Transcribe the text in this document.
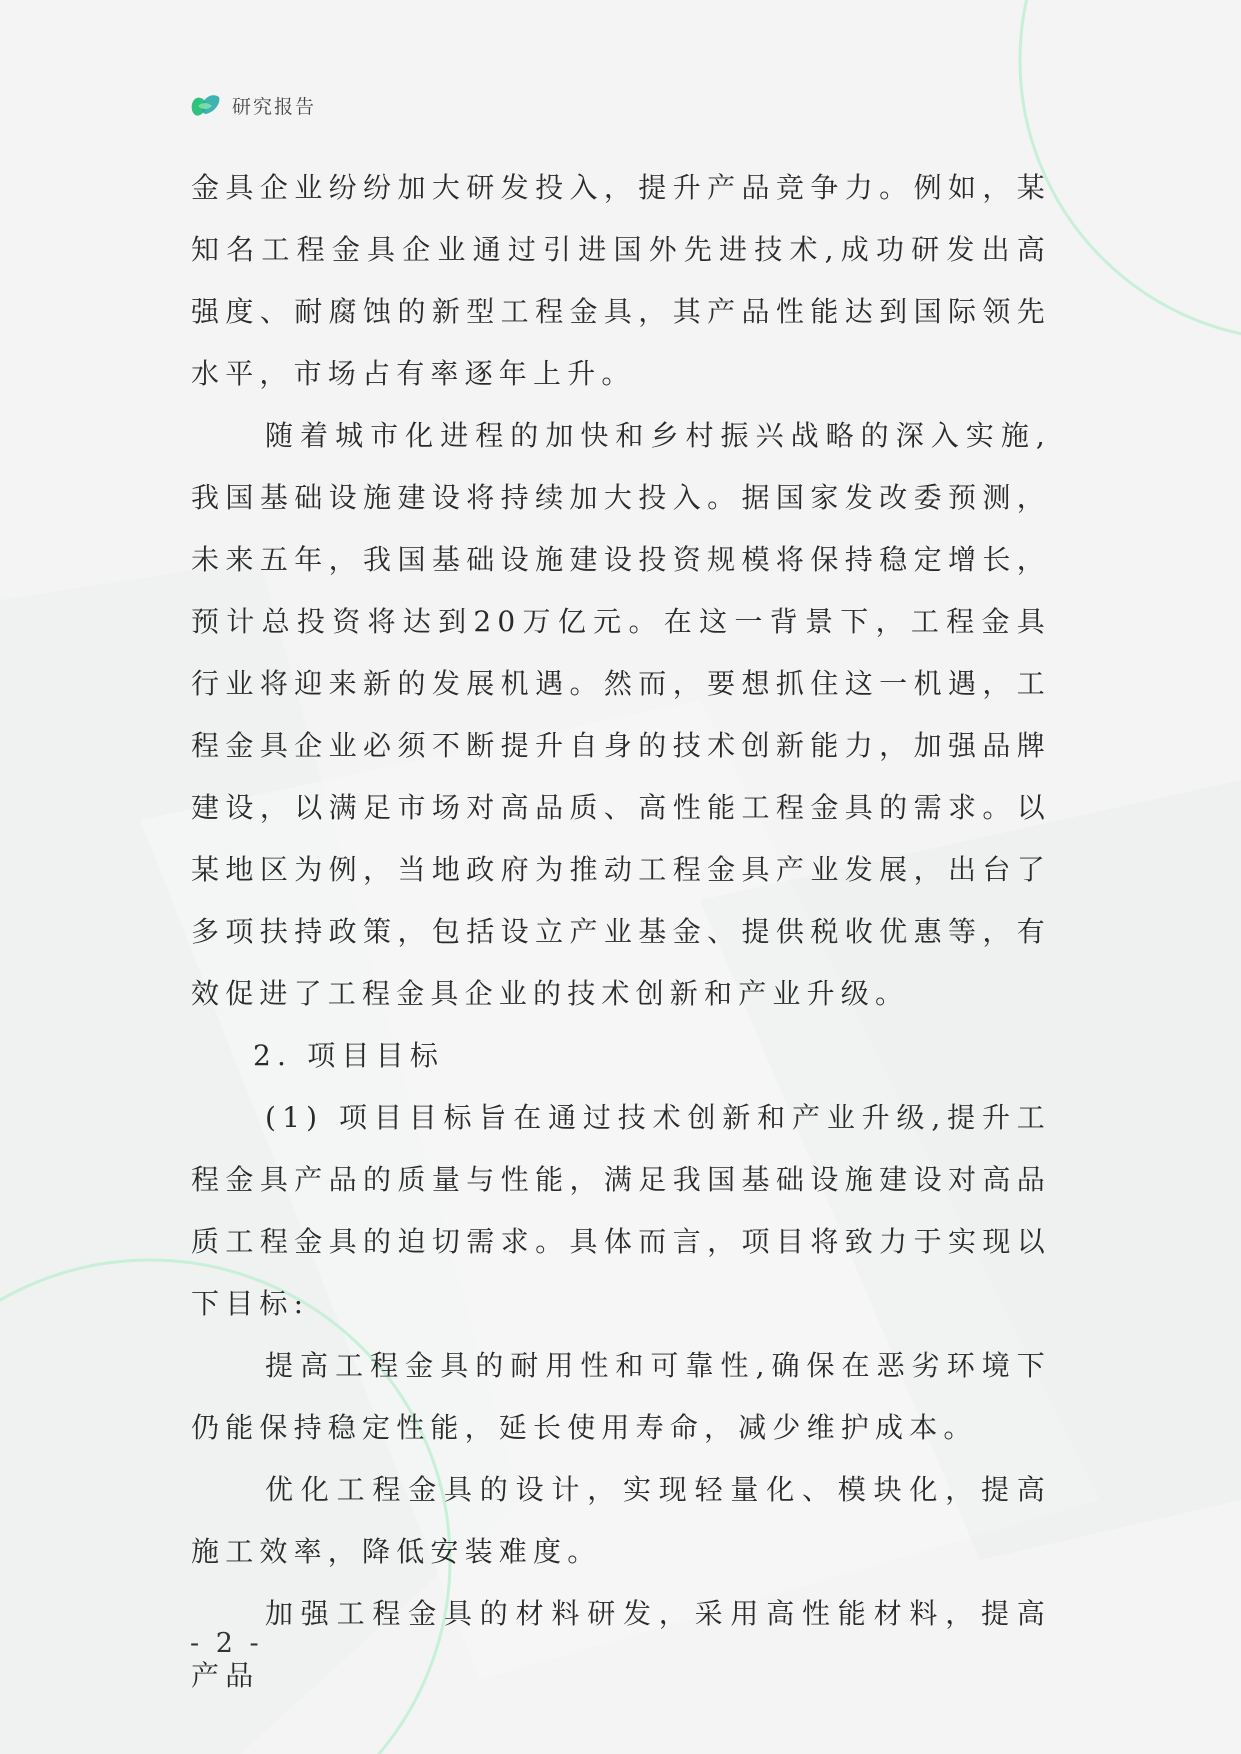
研究报告

金具企业纷纷加大研发投入，提升产品竞争力。例如，某知名工程金具企业通过引进国外先进技术,成功研发出高强度、耐腐蚀的新型工程金具，其产品性能达到国际领先水平，市场占有率逐年上升。

随着城市化进程的加快和乡村振兴战略的深入实施,我国基础设施建设将持续加大投入。据国家发改委预测，未来五年，我国基础设施建设投资规模将保持稳定增长，预计总投资将达到20万亿元。在这一背景下，工程金具行业将迎来新的发展机遇。然而，要想抓住这一机遇，工程金具企业必须不断提升自身的技术创新能力，加强品牌建设，以满足市场对高品质、高性能工程金具的需求。以某地区为例，当地政府为推动工程金具产业发展，出台了多项扶持政策，包括设立产业基金、提供税收优惠等，有效促进了工程金具企业的技术创新和产业升级。

2. 项目目标

(1) 项目目标旨在通过技术创新和产业升级,提升工程金具产品的质量与性能，满足我国基础设施建设对高品质工程金具的迫切需求。具体而言，项目将致力于实现以下目标:

提高工程金具的耐用性和可靠性,确保在恶劣环境下仍能保持稳定性能，延长使用寿命，减少维护成本。

优化工程金具的设计，实现轻量化、模块化，提高施工效率，降低安装难度。

加强工程金具的材料研发，采用高性能材料，提高产品

- 2 -
